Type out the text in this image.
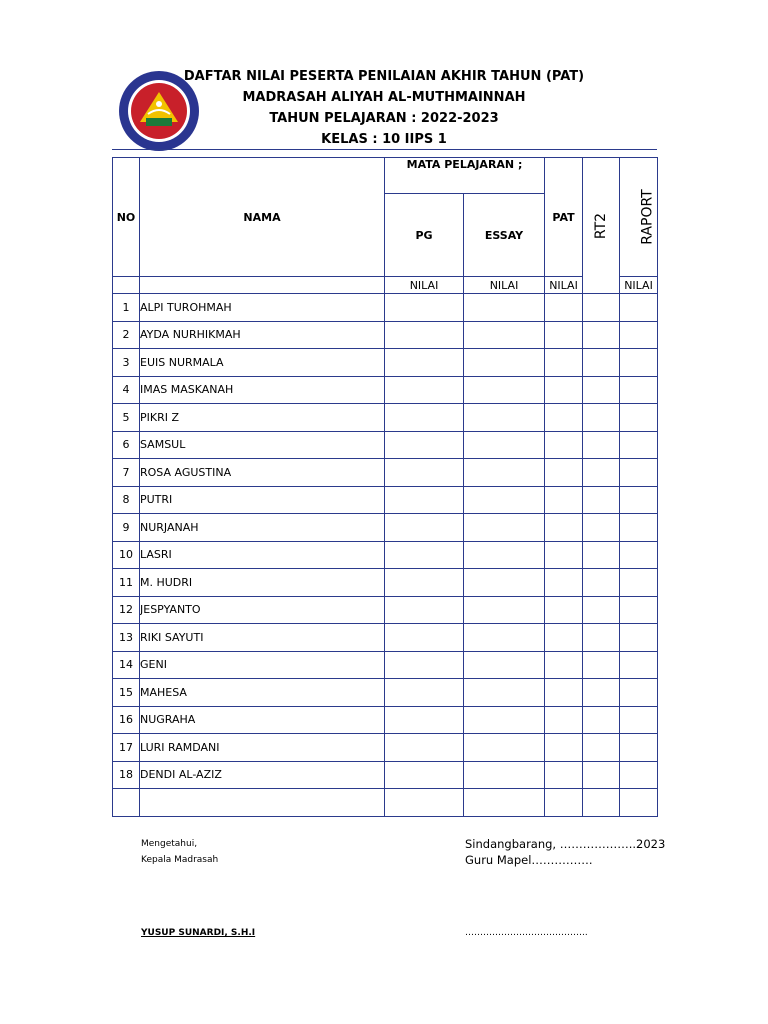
DAFTAR NILAI PESERTA PENILAIAN AKHIR TAHUN (PAT)
MADRASAH ALIYAH AL-MUTHMAINNAH
TAHUN PELAJARAN : 2022-2023
KELAS : 10 IIPS 1
NO	NAMA	MATA PELAJARAN ;		PAT	RT2	RAPORT
		PG	ESSAY			
		NILAI	NILAI	NILAI		NILAI
1	ALPI TUROHMAH					
2	AYDA NURHIKMAH					
3	EUIS NURMALA					
4	IMAS MASKANAH					
5	PIKRI Z					
6	SAMSUL					
7	ROSA AGUSTINA					
8	PUTRI					
9	NURJANAH					
10	LASRI					
11	M. HUDRI					
12	JESPYANTO					
13	RIKI SAYUTI					
14	GENI					
15	MAHESA					
16	NUGRAHA					
17	LURI RAMDANI					
18	DENDI AL-AZIZ					

Mengetahui,
Kepala Madrasah
YUSUP SUNARDI, S.H.I
Sindangbarang, ………………..2023
Guru Mapel…………….
…………………………………..
